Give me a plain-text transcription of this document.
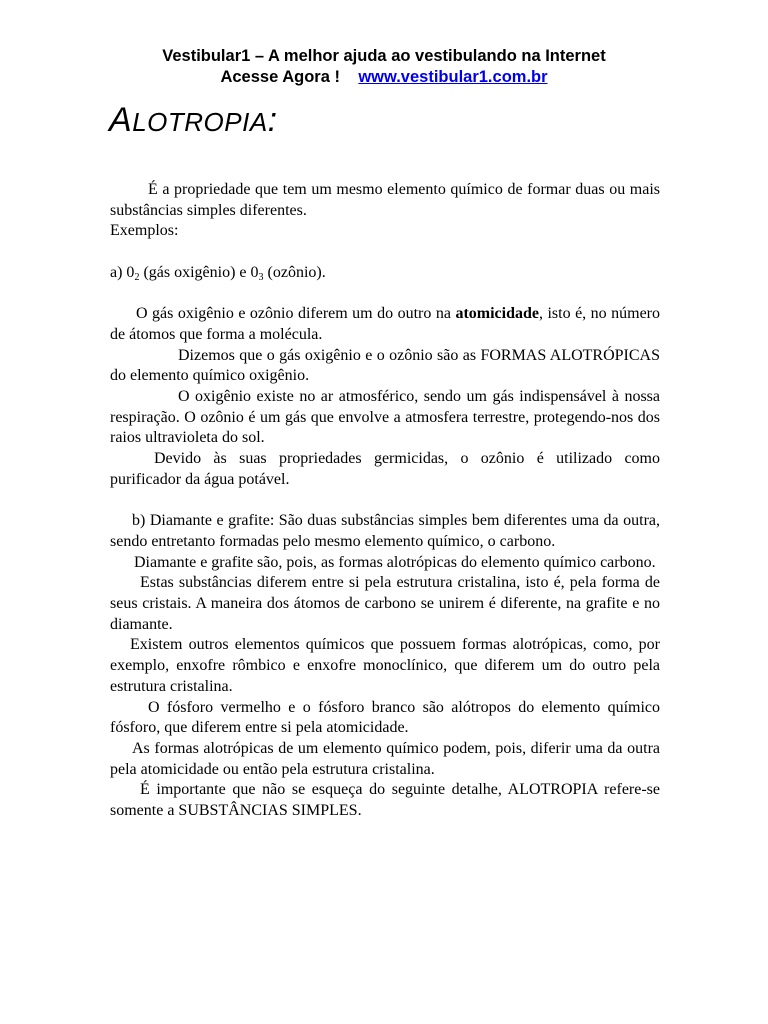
Vestibular1 – A melhor ajuda ao vestibulando na Internet
Acesse Agora ! www.vestibular1.com.br
ALOTROPIA:

É a propriedade que tem um mesmo elemento químico de formar duas ou mais substâncias simples diferentes.

Exemplos:

a) $0_2$ (gás oxigênio) e $0_3$ (ozônio).

O gás oxigênio e ozônio diferem um do outro na atomicidade, isto é, no número de átomos que forma a molécula.

Dizemos que o gás oxigênio e o ozônio são as FORMAS ALOTRÓPICAS do elemento químico oxigênio.

O oxigênio existe no ar atmosférico, sendo um gás indispensável à nossa respiração. O ozônio é um gás que envolve a atmosfera terrestre, protegendo-nos dos raios ultravioleta do sol.

Devido às suas propriedades germicidas, o ozônio é utilizado como purificador da água potável.

b) Diamante e grafite: São duas substâncias simples bem diferentes uma da outra, sendo entretanto formadas pelo mesmo elemento químico, o carbono.

Diamante e grafite são, pois, as formas alotrópicas do elemento químico carbono.

Estas substâncias diferem entre si pela estrutura cristalina, isto é, pela forma de seus cristais. A maneira dos átomos de carbono se unirem é diferente, na grafite e no diamante.

Existem outros elementos químicos que possuem formas alotrópicas, como, por exemplo, enxofre rômbico e enxofre monoclínico, que diferem um do outro pela estrutura cristalina.

O fósforo vermelho e o fósforo branco são alótropos do elemento químico fósforo, que diferem entre si pela atomicidade.

As formas alotrópicas de um elemento químico podem, pois, diferir uma da outra pela atomicidade ou então pela estrutura cristalina.

É importante que não se esqueça do seguinte detalhe, ALOTROPIA refere-se somente a SUBSTÂNCIAS SIMPLES.
